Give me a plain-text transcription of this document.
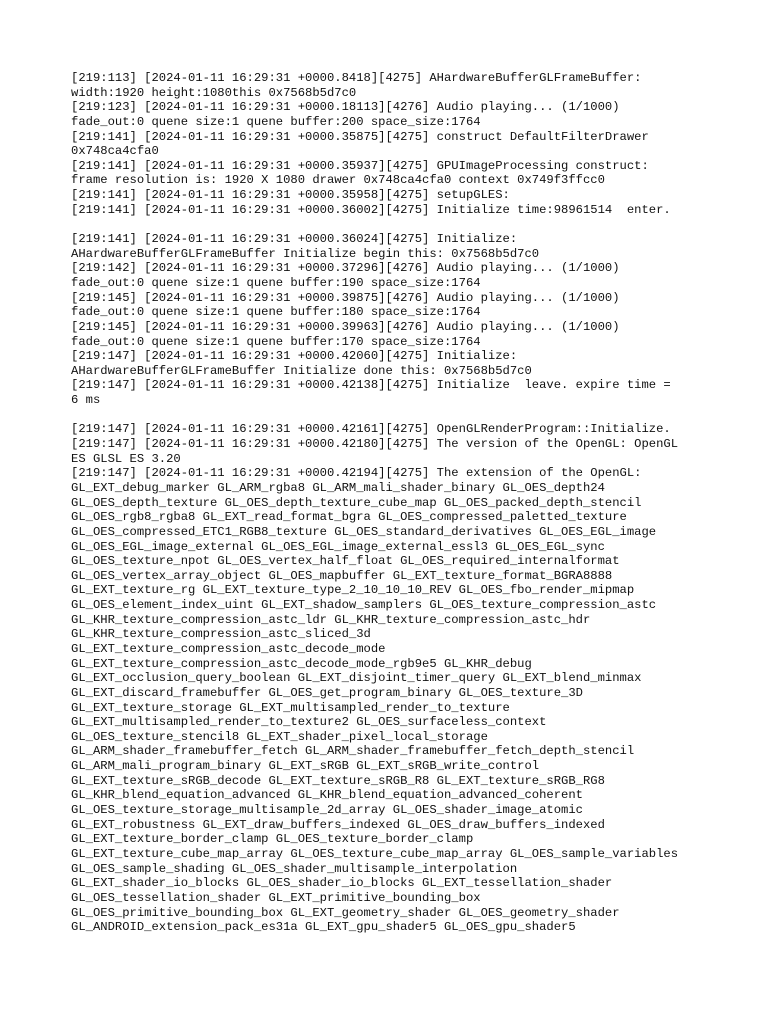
[219:113] [2024-01-11 16:29:31 +0000.8418][4275] AHardwareBufferGLFrameBuffer:
width:1920 height:1080this 0x7568b5d7c0
[219:123] [2024-01-11 16:29:31 +0000.18113][4276] Audio playing... (1/1000)
fade_out:0 quene size:1 quene buffer:200 space_size:1764
[219:141] [2024-01-11 16:29:31 +0000.35875][4275] construct DefaultFilterDrawer
0x748ca4cfa0
[219:141] [2024-01-11 16:29:31 +0000.35937][4275] GPUImageProcessing construct:
frame resolution is: 1920 X 1080 drawer 0x748ca4cfa0 context 0x749f3ffcc0
[219:141] [2024-01-11 16:29:31 +0000.35958][4275] setupGLES:
[219:141] [2024-01-11 16:29:31 +0000.36002][4275] Initialize time:98961514  enter.
[219:141] [2024-01-11 16:29:31 +0000.36024][4275] Initialize:
AHardwareBufferGLFrameBuffer Initialize begin this: 0x7568b5d7c0
[219:142] [2024-01-11 16:29:31 +0000.37296][4276] Audio playing... (1/1000)
fade_out:0 quene size:1 quene buffer:190 space_size:1764
[219:145] [2024-01-11 16:29:31 +0000.39875][4276] Audio playing... (1/1000)
fade_out:0 quene size:1 quene buffer:180 space_size:1764
[219:145] [2024-01-11 16:29:31 +0000.39963][4276] Audio playing... (1/1000)
fade_out:0 quene size:1 quene buffer:170 space_size:1764
[219:147] [2024-01-11 16:29:31 +0000.42060][4275] Initialize:
AHardwareBufferGLFrameBuffer Initialize done this: 0x7568b5d7c0
[219:147] [2024-01-11 16:29:31 +0000.42138][4275] Initialize  leave. expire time =
6 ms
[219:147] [2024-01-11 16:29:31 +0000.42161][4275] OpenGLRenderProgram::Initialize.
[219:147] [2024-01-11 16:29:31 +0000.42180][4275] The version of the OpenGL: OpenGL
ES GLSL ES 3.20
[219:147] [2024-01-11 16:29:31 +0000.42194][4275] The extension of the OpenGL:
GL_EXT_debug_marker GL_ARM_rgba8 GL_ARM_mali_shader_binary GL_OES_depth24
GL_OES_depth_texture GL_OES_depth_texture_cube_map GL_OES_packed_depth_stencil
GL_OES_rgb8_rgba8 GL_EXT_read_format_bgra GL_OES_compressed_paletted_texture
GL_OES_compressed_ETC1_RGB8_texture GL_OES_standard_derivatives GL_OES_EGL_image
GL_OES_EGL_image_external GL_OES_EGL_image_external_essl3 GL_OES_EGL_sync
GL_OES_texture_npot GL_OES_vertex_half_float GL_OES_required_internalformat
GL_OES_vertex_array_object GL_OES_mapbuffer GL_EXT_texture_format_BGRA8888
GL_EXT_texture_rg GL_EXT_texture_type_2_10_10_10_REV GL_OES_fbo_render_mipmap
GL_OES_element_index_uint GL_EXT_shadow_samplers GL_OES_texture_compression_astc
GL_KHR_texture_compression_astc_ldr GL_KHR_texture_compression_astc_hdr
GL_KHR_texture_compression_astc_sliced_3d
GL_EXT_texture_compression_astc_decode_mode
GL_EXT_texture_compression_astc_decode_mode_rgb9e5 GL_KHR_debug
GL_EXT_occlusion_query_boolean GL_EXT_disjoint_timer_query GL_EXT_blend_minmax
GL_EXT_discard_framebuffer GL_OES_get_program_binary GL_OES_texture_3D
GL_EXT_texture_storage GL_EXT_multisampled_render_to_texture
GL_EXT_multisampled_render_to_texture2 GL_OES_surfaceless_context
GL_OES_texture_stencil8 GL_EXT_shader_pixel_local_storage
GL_ARM_shader_framebuffer_fetch GL_ARM_shader_framebuffer_fetch_depth_stencil
GL_ARM_mali_program_binary GL_EXT_sRGB GL_EXT_sRGB_write_control
GL_EXT_texture_sRGB_decode GL_EXT_texture_sRGB_R8 GL_EXT_texture_sRGB_RG8
GL_KHR_blend_equation_advanced GL_KHR_blend_equation_advanced_coherent
GL_OES_texture_storage_multisample_2d_array GL_OES_shader_image_atomic
GL_EXT_robustness GL_EXT_draw_buffers_indexed GL_OES_draw_buffers_indexed
GL_EXT_texture_border_clamp GL_OES_texture_border_clamp
GL_EXT_texture_cube_map_array GL_OES_texture_cube_map_array GL_OES_sample_variables
GL_OES_sample_shading GL_OES_shader_multisample_interpolation
GL_EXT_shader_io_blocks GL_OES_shader_io_blocks GL_EXT_tessellation_shader
GL_OES_tessellation_shader GL_EXT_primitive_bounding_box
GL_OES_primitive_bounding_box GL_EXT_geometry_shader GL_OES_geometry_shader
GL_ANDROID_extension_pack_es31a GL_EXT_gpu_shader5 GL_OES_gpu_shader5
